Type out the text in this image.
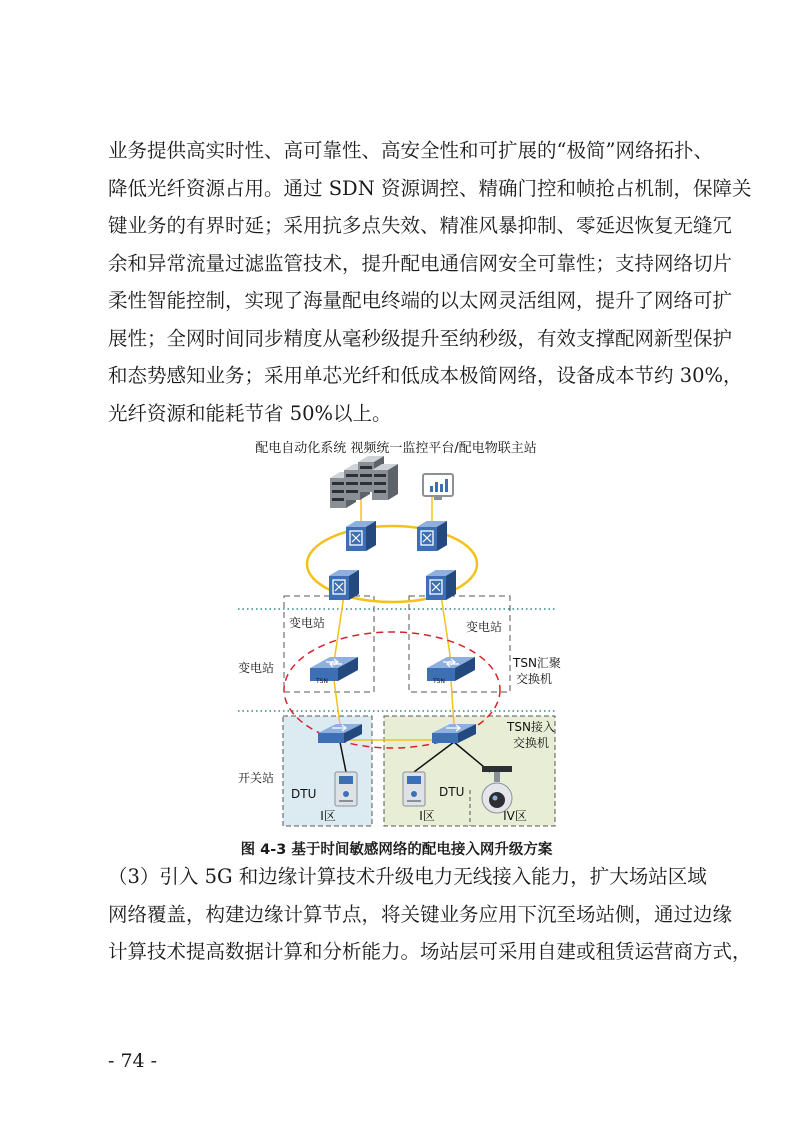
业务提供高实时性、高可靠性、高安全性和可扩展的“极简”网络拓扑、
降低光纤资源占用。通过 SDN 资源调控、精确门控和帧抢占机制，保障关
键业务的有界时延；采用抗多点失效、精准风暴抑制、零延迟恢复无缝冗
余和异常流量过滤监管技术，提升配电通信网安全可靠性；支持网络切片
柔性智能控制，实现了海量配电终端的以太网灵活组网，提升了网络可扩
展性；全网时间同步精度从毫秒级提升至纳秒级，有效支撑配网新型保护
和态势感知业务；采用单芯光纤和低成本极简网络，设备成本节约 30%，
光纤资源和能耗节省 50%以上。
TSN	TSN
配电自动化系统 视频统一监控平台/配电物联主站
变电站	变电站
变电站
开关站
TSN汇聚
交换机
TSN接入
交换机
DTU	DTU
I区	I区	IV区
图 4-3 基于时间敏感网络的配电接入网升级方案
（3）引入 5G 和边缘计算技术升级电力无线接入能力，扩大场站区域
网络覆盖，构建边缘计算节点，将关键业务应用下沉至场站侧，通过边缘
计算技术提高数据计算和分析能力。场站层可采用自建或租赁运营商方式，
- 74 -
